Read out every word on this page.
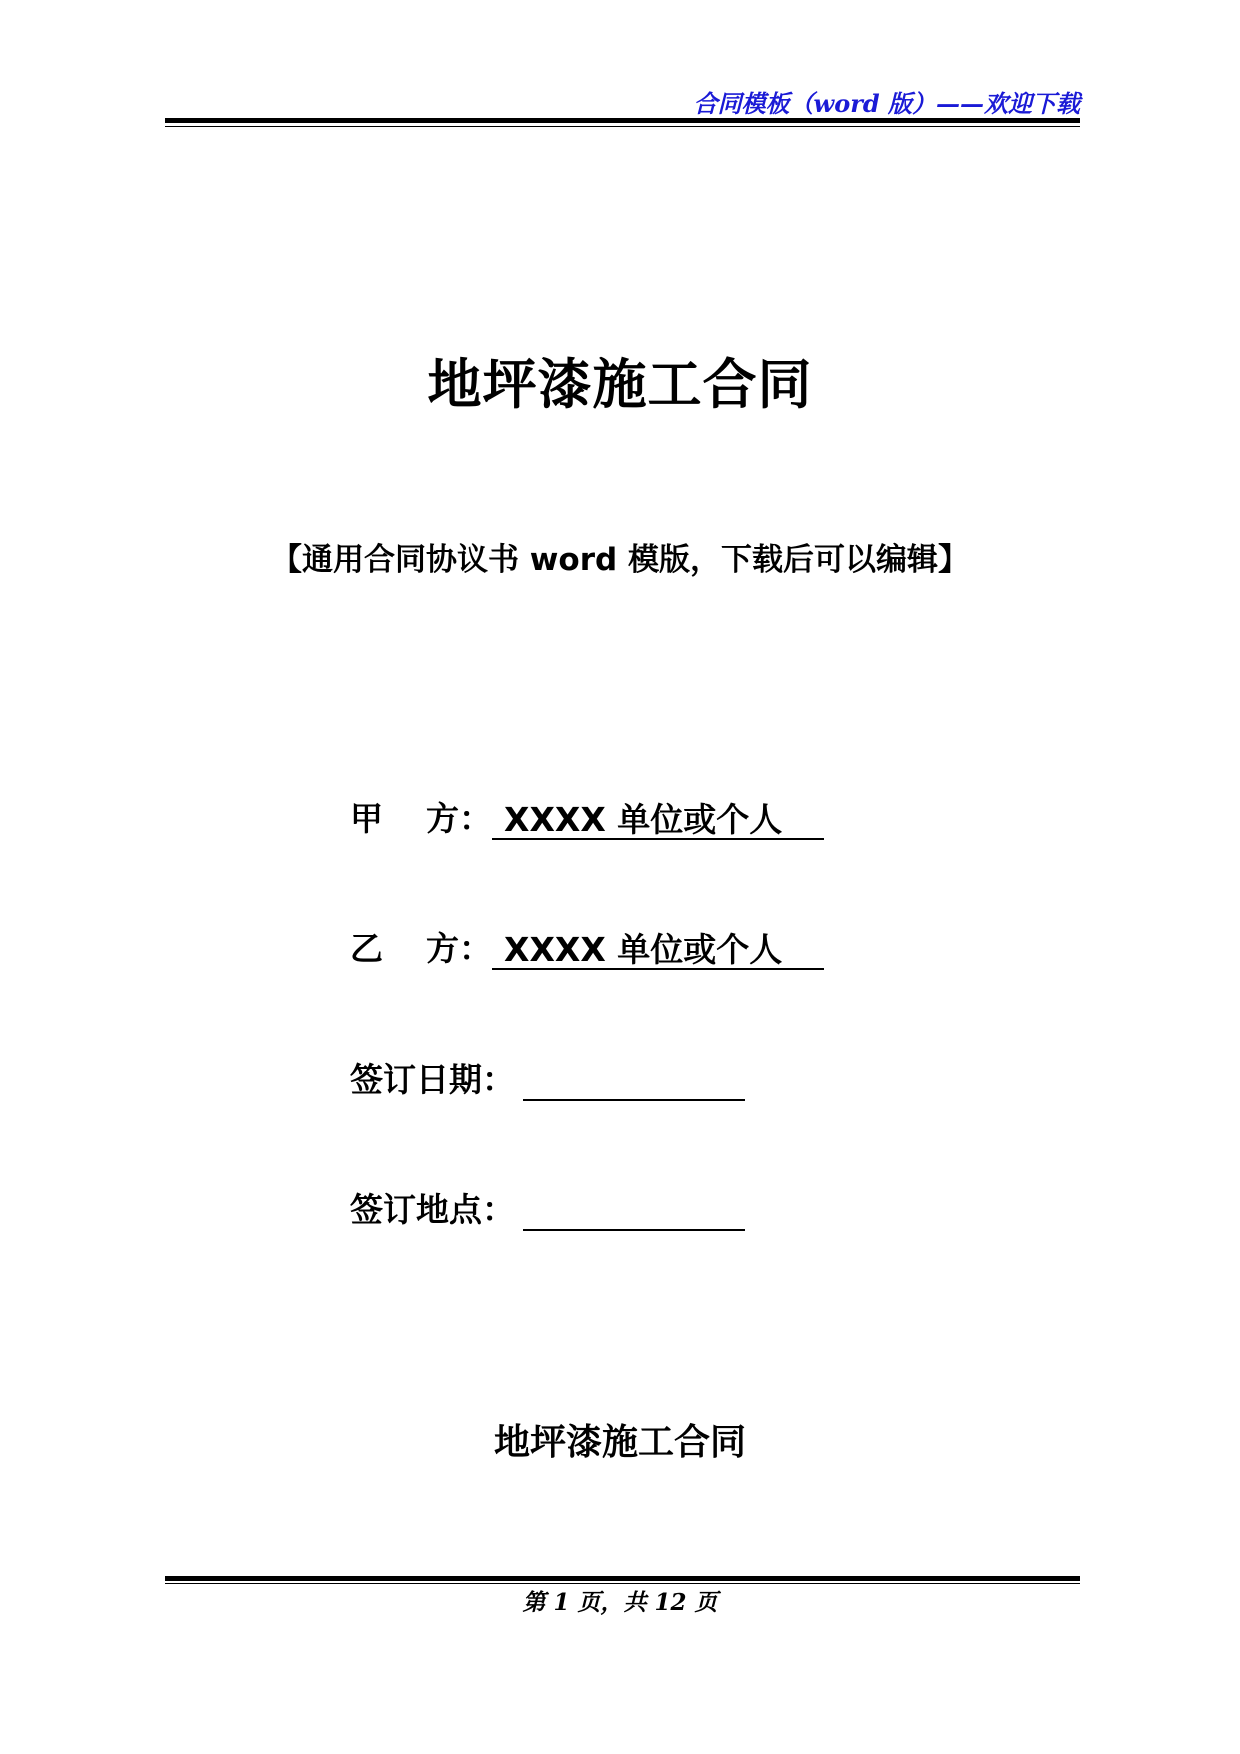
合同模板（word 版）——欢迎下载
地坪漆施工合同
【通用合同协议书 word 模版，下载后可以编辑】
甲	方： XXXX 单位或个人
乙	方： XXXX 单位或个人
签订日期：
签订地点：
地坪漆施工合同
第 1 页，共 12 页
